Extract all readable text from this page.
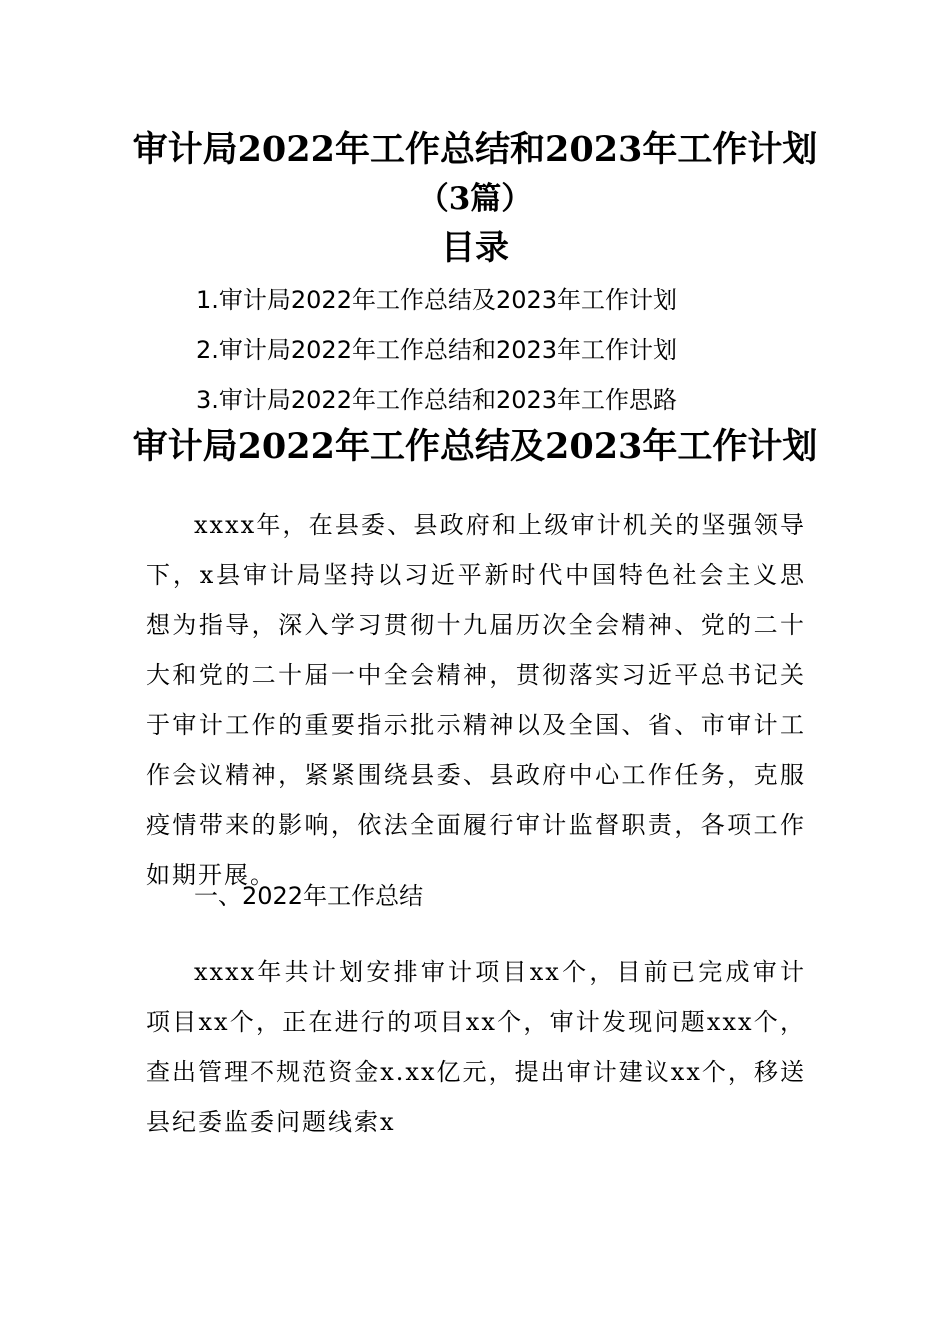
审计局2022年工作总结和2023年工作计划
（3篇）
目录
1.审计局2022年工作总结及2023年工作计划
2.审计局2022年工作总结和2023年工作计划
3.审计局2022年工作总结和2023年工作思路
审计局2022年工作总结及2023年工作计划

xxxx年，在县委、县政府和上级审计机关的坚强领导下，x县审计局坚持以习近平新时代中国特色社会主义思想为指导，深入学习贯彻十九届历次全会精神、党的二十大和党的二十届一中全会精神，贯彻落实习近平总书记关于审计工作的重要指示批示精神以及全国、省、市审计工作会议精神，紧紧围绕县委、县政府中心工作任务，克服疫情带来的影响，依法全面履行审计监督职责，各项工作如期开展。

一、2022年工作总结

xxxx年共计划安排审计项目xx个，目前已完成审计项目xx个，正在进行的项目xx个，审计发现问题xxx个，查出管理不规范资金x.xx亿元，提出审计建议xx个，移送县纪委监委问题线索x
